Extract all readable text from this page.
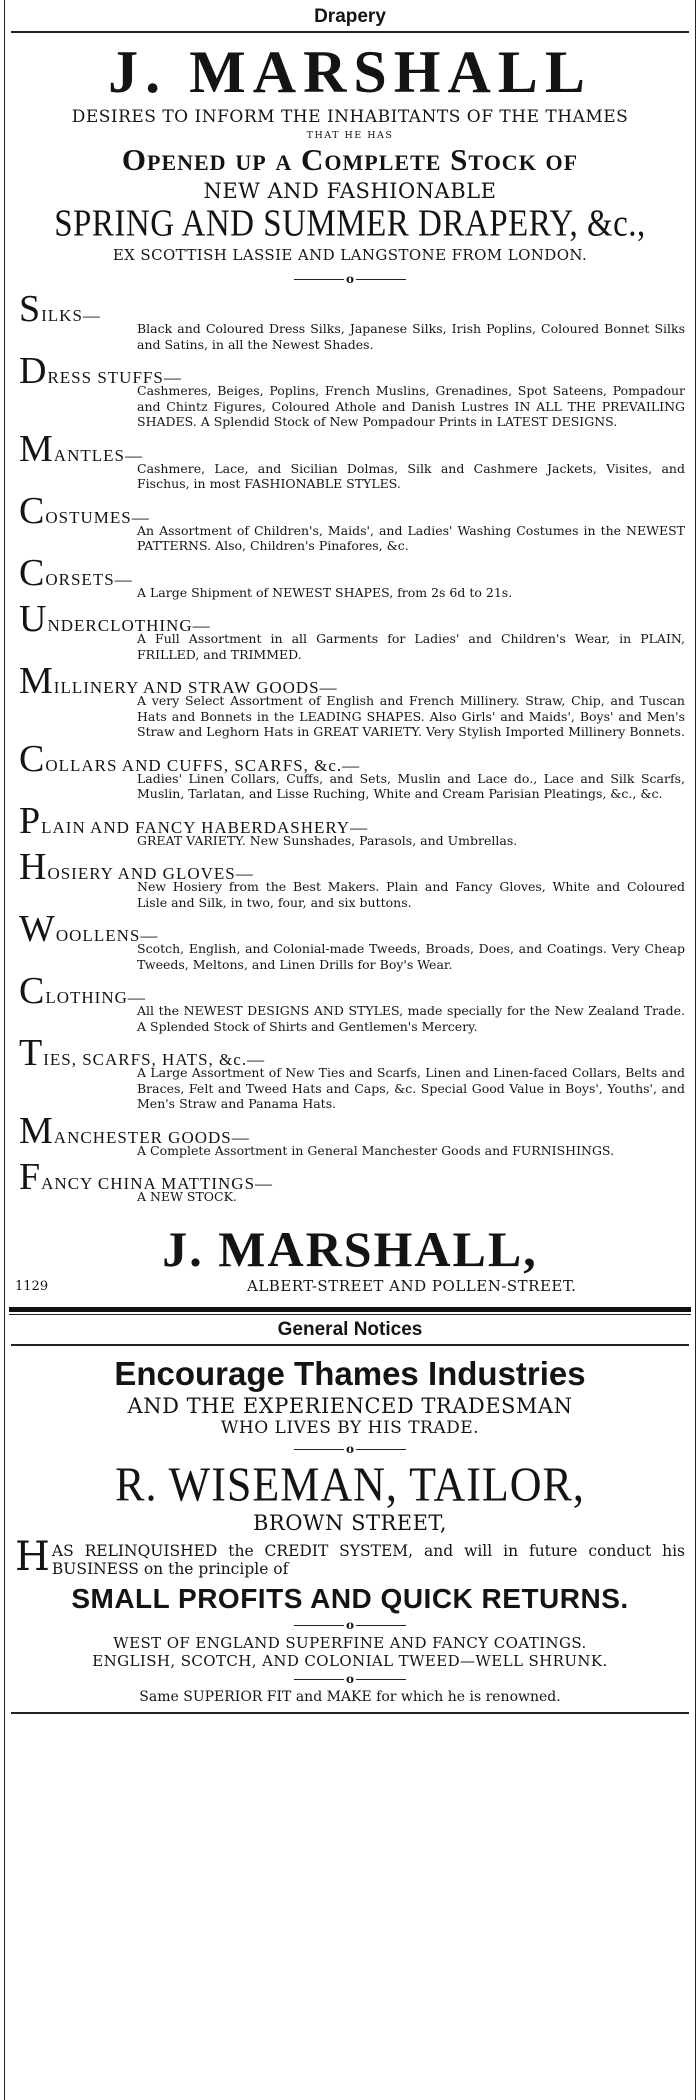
Drapery
J. MARSHALL
DESIRES TO INFORM THE INHABITANTS OF THE THAMES
THAT HE HAS
Opened up a Complete Stock of
NEW AND FASHIONABLE
SPRING AND SUMMER DRAPERY, &c.,
EX SCOTTISH LASSIE AND LANGSTONE FROM LONDON.
o
SILKS—
Black and Coloured Dress Silks, Japanese Silks, Irish Poplins, Coloured Bonnet Silks and Satins, in all the Newest Shades.
DRESS STUFFS—
Cashmeres, Beiges, Poplins, French Muslins, Grenadines, Spot Sateens, Pompadour and Chintz Figures, Coloured Athole and Danish Lustres IN ALL THE PREVAILING SHADES. A Splendid Stock of New Pompadour Prints in LATEST DESIGNS.
MANTLES—
Cashmere, Lace, and Sicilian Dolmas, Silk and Cashmere Jackets, Visites, and Fischus, in most FASHIONABLE STYLES.
COSTUMES—
An Assortment of Children's, Maids', and Ladies' Washing Costumes in the NEWEST PATTERNS. Also, Children's Pinafores, &c.
CORSETS—
A Large Shipment of NEWEST SHAPES, from 2s 6d to 21s.
UNDERCLOTHING—
A Full Assortment in all Garments for Ladies' and Children's Wear, in PLAIN, FRILLED, and TRIMMED.
MILLINERY AND STRAW GOODS—
A very Select Assortment of English and French Millinery. Straw, Chip, and Tuscan Hats and Bonnets in the LEADING SHAPES. Also Girls' and Maids', Boys' and Men's Straw and Leghorn Hats in GREAT VARIETY. Very Stylish Imported Millinery Bonnets.
COLLARS AND CUFFS, SCARFS, &c.—
Ladies' Linen Collars, Cuffs, and Sets, Muslin and Lace do., Lace and Silk Scarfs, Muslin, Tarlatan, and Lisse Ruching, White and Cream Parisian Pleatings, &c., &c.
PLAIN AND FANCY HABERDASHERY—
GREAT VARIETY. New Sunshades, Parasols, and Umbrellas.
HOSIERY AND GLOVES—
New Hosiery from the Best Makers. Plain and Fancy Gloves, White and Coloured Lisle and Silk, in two, four, and six buttons.
WOOLLENS—
Scotch, English, and Colonial-made Tweeds, Broads, Does, and Coatings. Very Cheap Tweeds, Meltons, and Linen Drills for Boy's Wear.
CLOTHING—
All the NEWEST DESIGNS AND STYLES, made specially for the New Zealand Trade. A Splended Stock of Shirts and Gentlemen's Mercery.
TIES, SCARFS, HATS, &c.—
A Large Assortment of New Ties and Scarfs, Linen and Linen-faced Collars, Belts and Braces, Felt and Tweed Hats and Caps, &c. Special Good Value in Boys', Youths', and Men's Straw and Panama Hats.
MANCHESTER GOODS—
A Complete Assortment in General Manchester Goods and FURNISHINGS.
FANCY CHINA MATTINGS—
A NEW STOCK.
J. MARSHALL,
1129	ALBERT-STREET AND POLLEN-STREET.
General Notices
Encourage Thames Industries
AND THE EXPERIENCED TRADESMAN
WHO LIVES BY HIS TRADE.
o
R. WISEMAN, TAILOR,
BROWN STREET,
HAS RELINQUISHED the CREDIT SYSTEM, and will in future conduct his BUSINESS on the principle of
SMALL PROFITS AND QUICK RETURNS.
o
WEST OF ENGLAND SUPERFINE AND FANCY COATINGS.
ENGLISH, SCOTCH, AND COLONIAL TWEED—WELL SHRUNK.
o
Same SUPERIOR FIT and MAKE for which he is renowned.
